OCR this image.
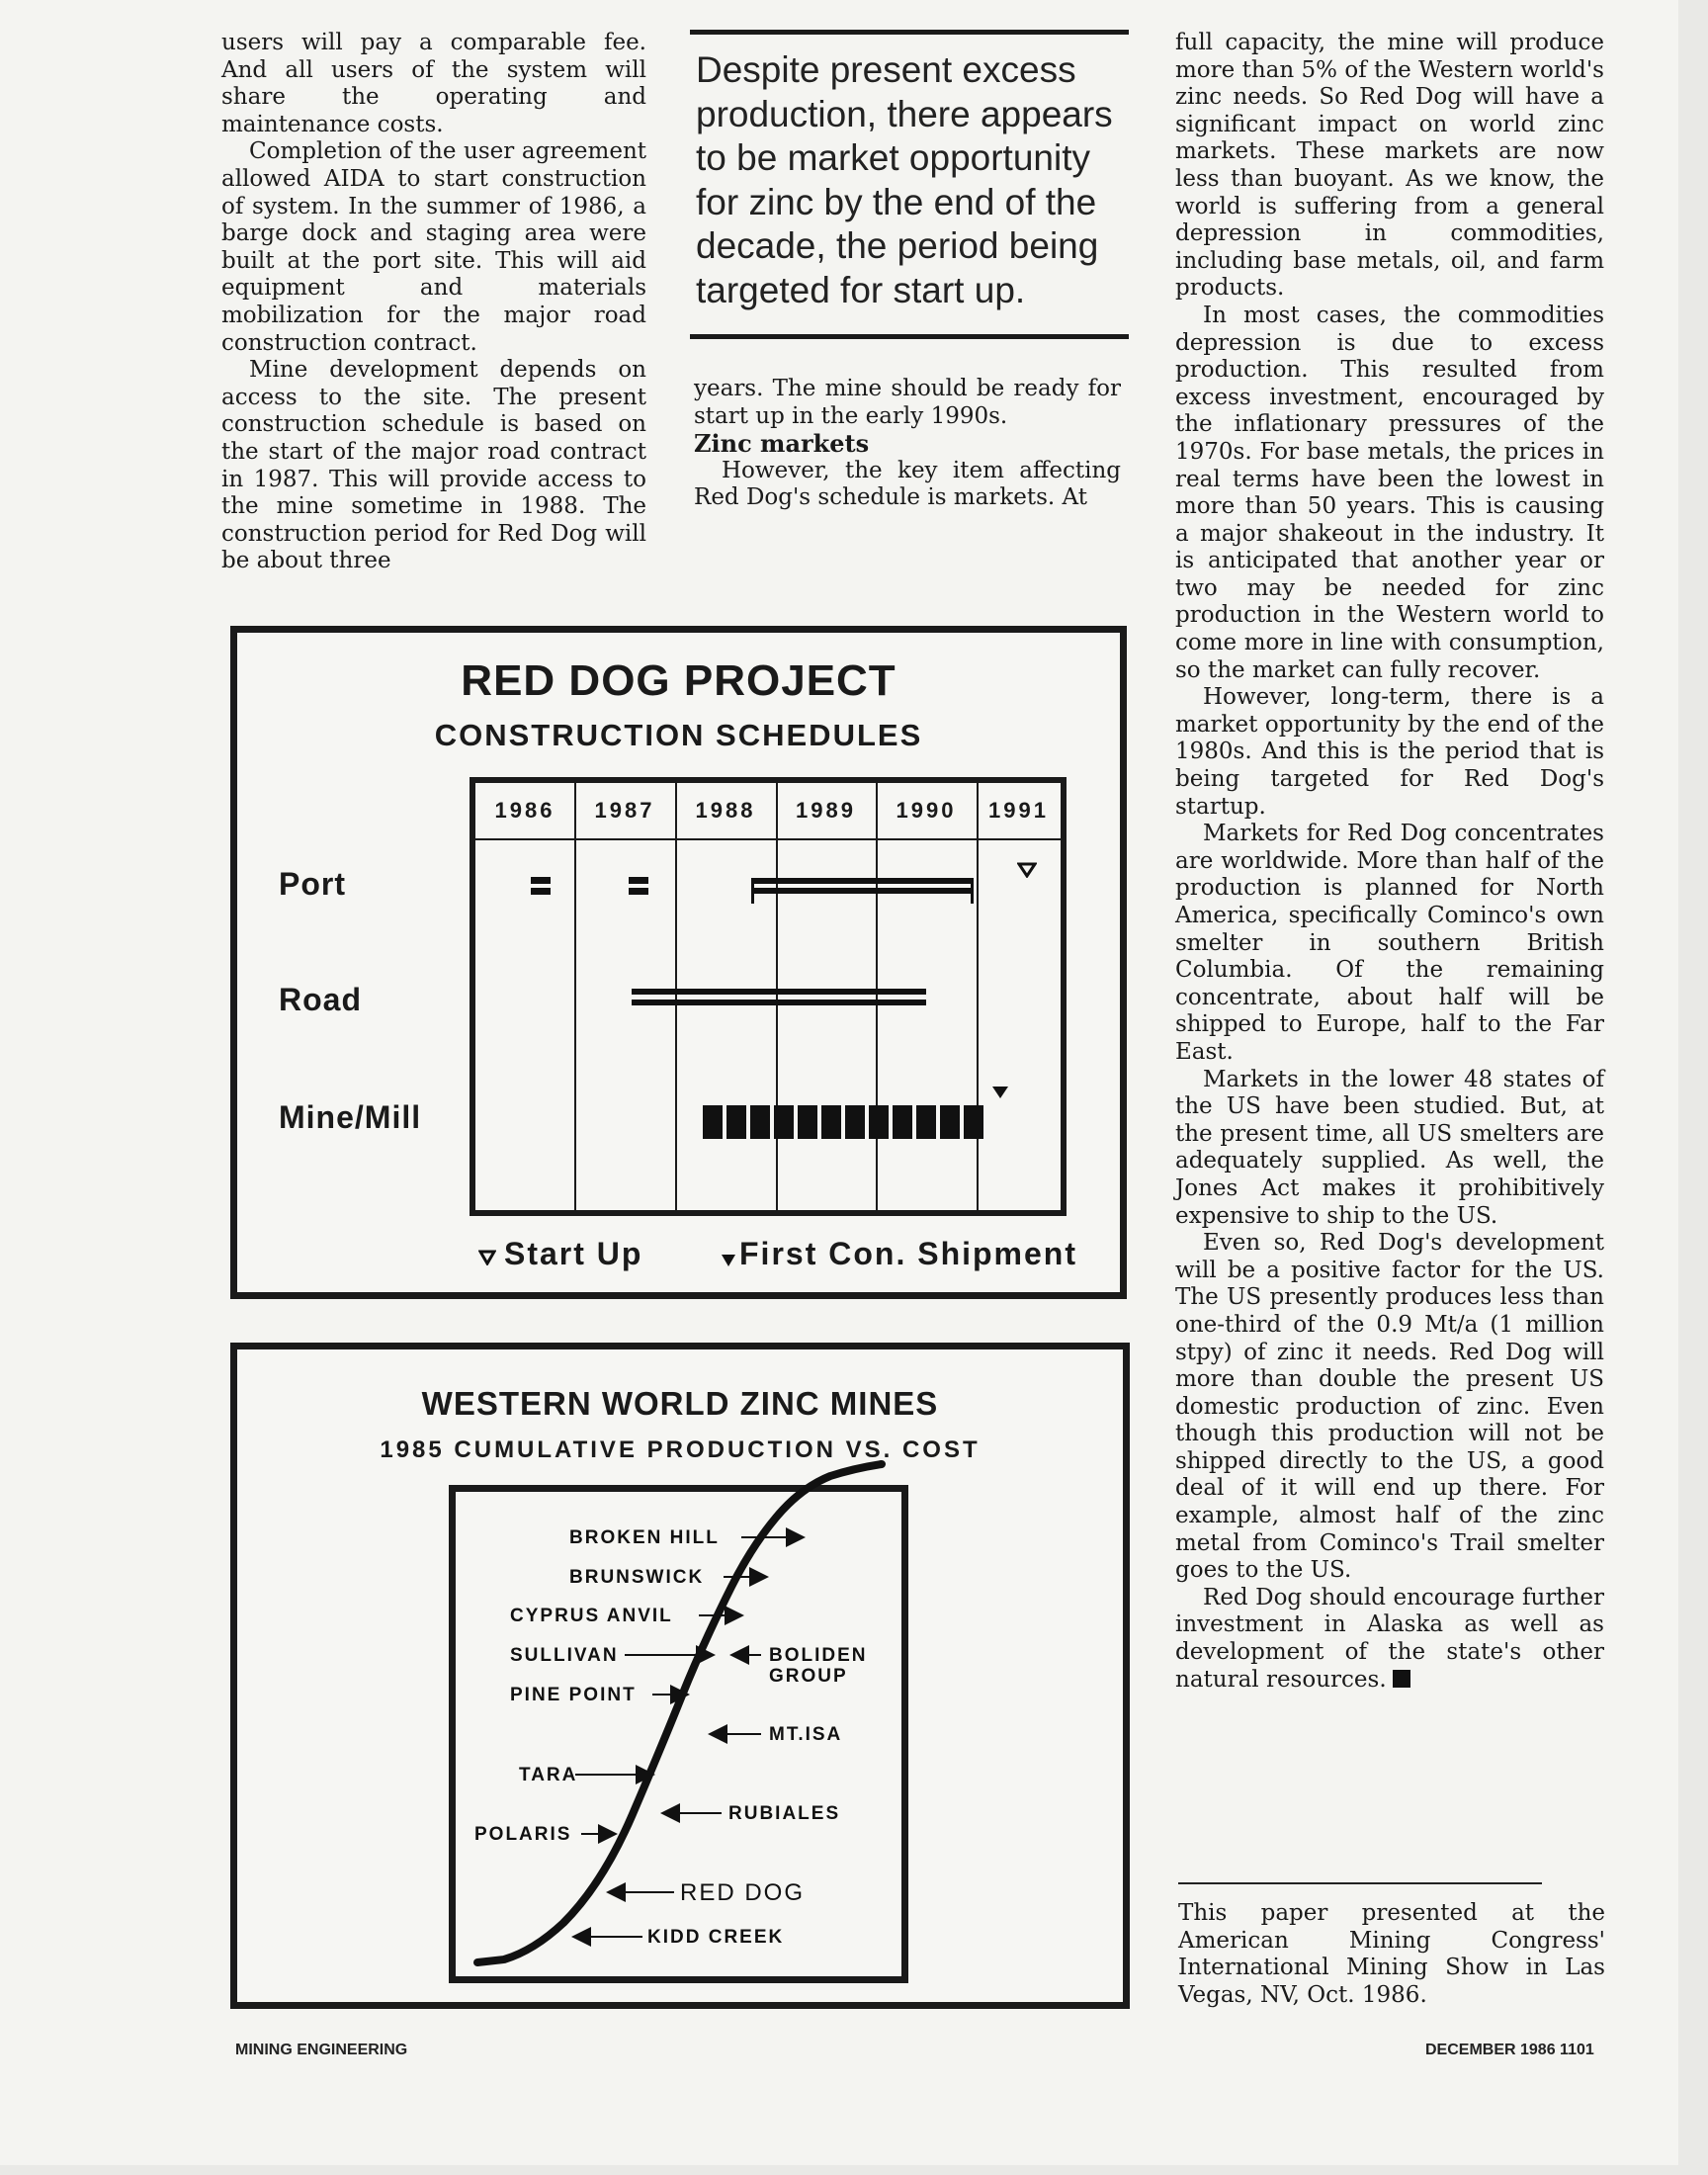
users will pay a comparable fee. And all users of the system will share the operating and maintenance costs.

Completion of the user agreement allowed AIDA to start construction of system. In the summer of 1986, a barge dock and staging area were built at the port site. This will aid equipment and materials mobilization for the major road construction contract.

Mine development depends on access to the site. The present construction schedule is based on the start of the major road contract in 1987. This will provide access to the mine sometime in 1988. The construction period for Red Dog will be about three

Despite present excess production, there appears to be market opportunity for zinc by the end of the decade, the period being targeted for start up.

years. The mine should be ready for start up in the early 1990s.

Zinc markets

However, the key item affecting Red Dog's schedule is markets. At

full capacity, the mine will produce more than 5% of the Western world's zinc needs. So Red Dog will have a significant impact on world zinc markets. These markets are now less than buoyant. As we know, the world is suffering from a general depression in commodities, including base metals, oil, and farm products.

In most cases, the commodities depression is due to excess production. This resulted from excess investment, encouraged by the inflationary pressures of the 1970s. For base metals, the prices in real terms have been the lowest in more than 50 years. This is causing a major shakeout in the industry. It is anticipated that another year or two may be needed for zinc production in the Western world to come more in line with consumption, so the market can fully recover.

However, long-term, there is a market opportunity by the end of the 1980s. And this is the period that is being targeted for Red Dog's startup.

Markets for Red Dog concentrates are worldwide. More than half of the production is planned for North America, specifically Cominco's own smelter in southern British Columbia. Of the remaining concentrate, about half will be shipped to Europe, half to the Far East.

Markets in the lower 48 states of the US have been studied. But, at the present time, all US smelters are adequately supplied. As well, the Jones Act makes it prohibitively expensive to ship to the US.

Even so, Red Dog's development will be a positive factor for the US. The US presently produces less than one-third of the 0.9 Mt/a (1 million stpy) of zinc it needs. Red Dog will more than double the present US domestic production of zinc. Even though this production will not be shipped directly to the US, a good deal of it will end up there. For example, almost half of the zinc metal from Cominco's Trail smelter goes to the US.

Red Dog should encourage further investment in Alaska as well as development of the state's other natural resources.

RED DOG PROJECT
CONSTRUCTION SCHEDULES
1986	1987	1988	1989	1990	1991
Port
Road
Mine/Mill
Start Up	First Con. Shipment
WESTERN WORLD ZINC MINES
1985 CUMULATIVE PRODUCTION VS. COST
BROKEN HILL
BRUNSWICK
CYPRUS ANVIL
SULLIVAN
PINE POINT
TARA
POLARIS
BOLIDEN
GROUP
MT.ISA
RUBIALES
RED DOG
KIDD CREEK
This paper presented at the American Mining Congress' International Mining Show in Las Vegas, NV, Oct. 1986.
MINING ENGINEERING	DECEMBER 1986 1101
